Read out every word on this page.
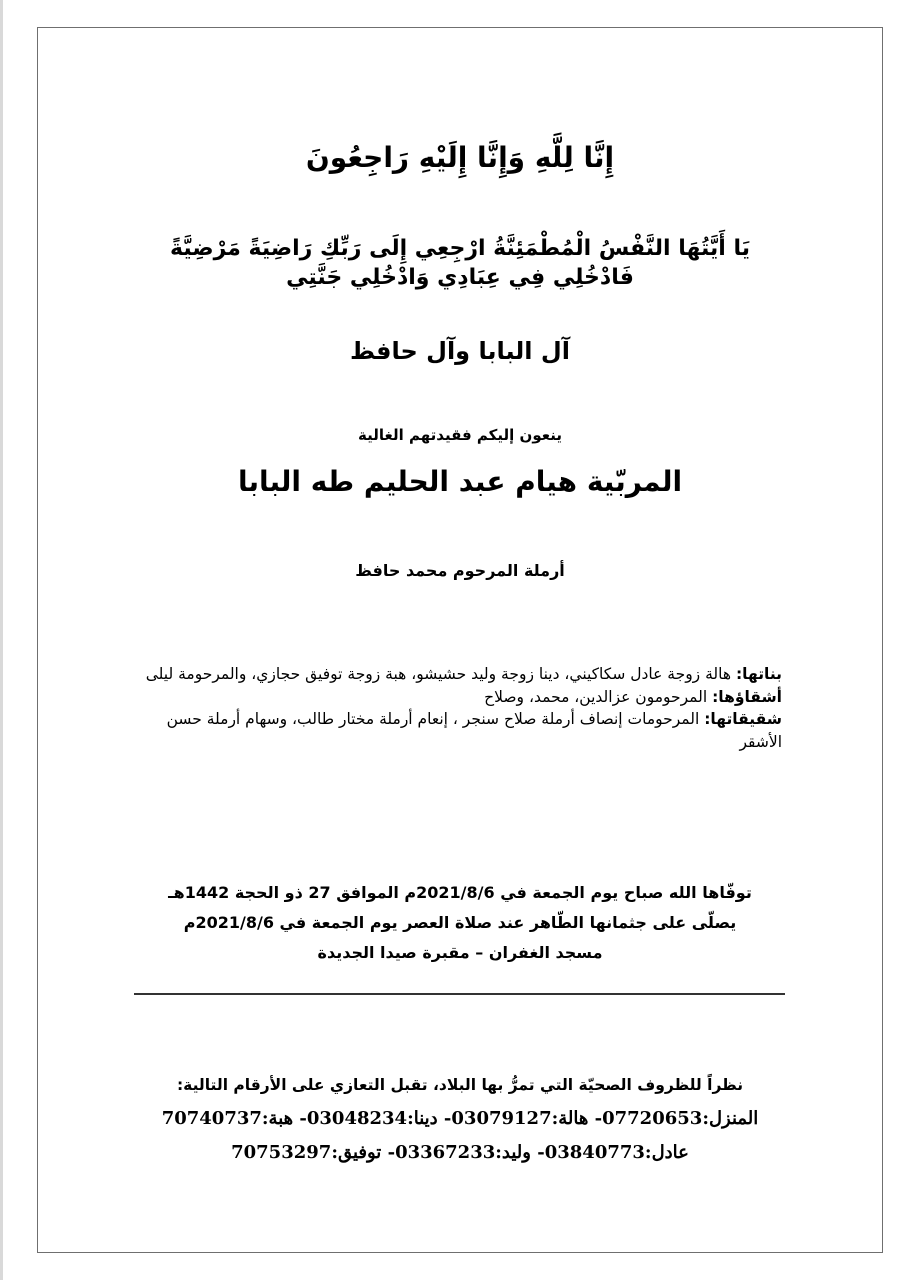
إِنَّا لِلَّهِ وَإِنَّا إِلَيْهِ رَاجِعُونَ
يَا أَيَّتُهَا النَّفْسُ الْمُطْمَئِنَّةُ ارْجِعِي إِلَى رَبِّكِ رَاضِيَةً مَرْضِيَّةً فَادْخُلِي فِي عِبَادِي وَادْخُلِي جَنَّتِي
آل البابا وآل حافظ
ينعون إليكم فقيدتهم الغالية
المربّية هيام عبد الحليم طه البابا
أرملة المرحوم محمد حافظ
بناتها: هالة زوجة عادل سكاكيني، دينا زوجة وليد حشيشو، هبة زوجة توفيق حجازي، والمرحومة ليلى
أشقاؤها: المرحومون عزالدين، محمد، وصلاح
شقيقاتها: المرحومات إنصاف أرملة صلاح سنجر ، إنعام أرملة مختار طالب، وسهام أرملة حسن الأشقر
توفّاها الله صباح يوم الجمعة في 2021/8/6م الموافق 27 ذو الحجة 1442هـ
يصلّى على جثمانها الطّاهر عند صلاة العصر يوم الجمعة في 2021/8/6م
مسجد الغفران – مقبرة صيدا الجديدة
نظراً للظروف الصحيّة التي تمرُّ بها البلاد، تقبل التعازي على الأرقام التالية:
المنزل:07720653- هالة:03079127- دينا:03048234- هبة:70740737
عادل:03840773- وليد:03367233- توفيق:70753297
